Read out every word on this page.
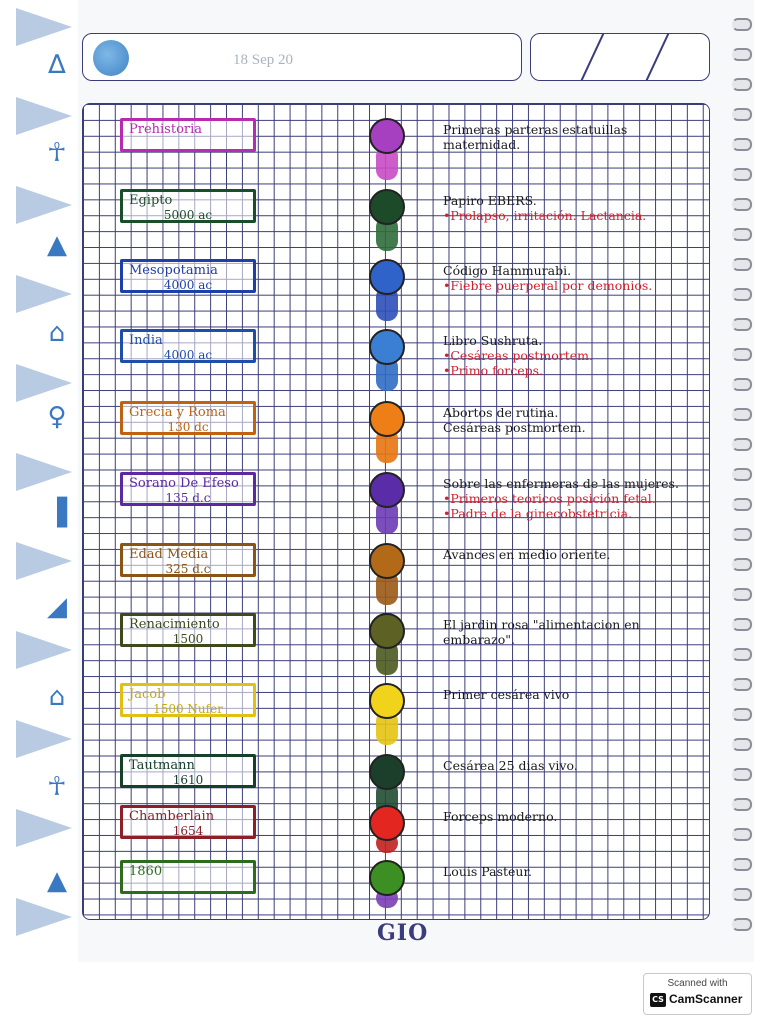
∆
☥
▲
⌂
♀
▐
◢
⌂
☥
▲
18 Sep 20
Prehistoria	Primeras parteras estatuillas maternidad.
Egipto
5000 ac
Papiro EBERS.
•Prolapso, irritación. Lactancia.
Mesopotamia
4000 ac
Código Hammurabi.
•Fiebre puerperal por demonios.
India
4000 ac
Libro Sushruta.
•Cesáreas postmortem.
•Primo forceps.
Grecia y Roma
130 dc
Abortos de rutina.
Cesáreas postmortem.
Sorano De Efeso
135 d.c
Sobre las enfermeras de las mujeres.
•Primeros teoricos posición fetal.
•Padre de la ginecobstetricia.
Edad Media
325 d.c
Avances en medio oriente.
Renacimiento
1500
El jardin rosa "alimentacion en embarazo".
Jacob
1500 Nufer
Primer cesárea vivo
Tautmann
1610
Cesárea 25 dias vivo.
Chamberlain
1654
Forceps moderno.
1860	Louis Pasteur.
GIO
Scanned with
CS CamScanner
